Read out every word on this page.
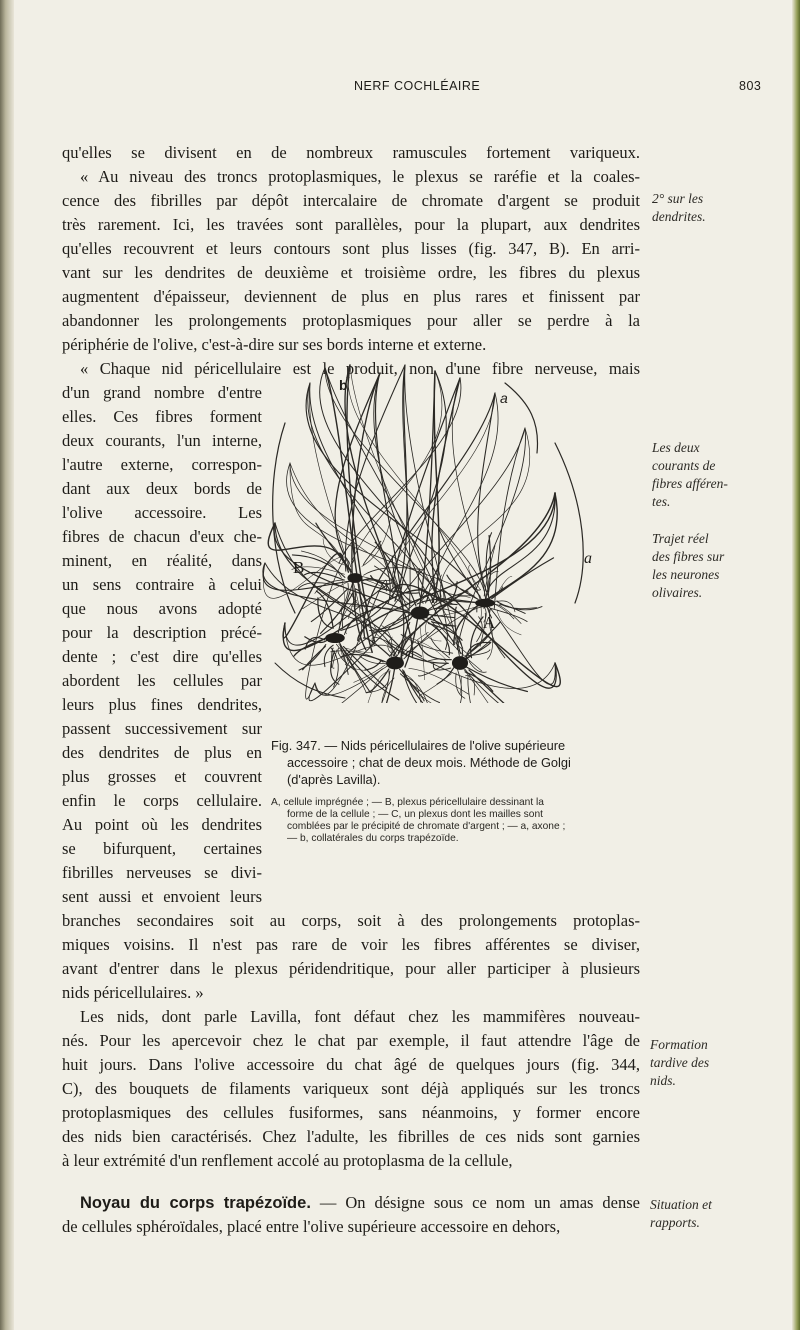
NERF COCHLÉAIRE	803
qu'elles se divisent en de nombreux ramuscules fortement variqueux.
« Au niveau des troncs protoplasmiques, le plexus se raréfie et la coales-
cence des fibrilles par dépôt intercalaire de chromate d'argent se produit
très rarement. Ici, les travées sont parallèles, pour la plupart, aux dendrites
qu'elles recouvrent et leurs contours sont plus lisses (fig. 347, B). En arri-
vant sur les dendrites de deuxième et troisième ordre, les fibres du plexus
augmentent d'épaisseur, deviennent de plus en plus rares et finissent par
abandonner les prolongements protoplasmiques pour aller se perdre à la
périphérie de l'olive, c'est-à-dire sur ses bords interne et externe.
« Chaque nid péricellulaire est le produit, non d'une fibre nerveuse, mais
d'un grand nombre d'entre
elles. Ces fibres forment
deux courants, l'un interne,
l'autre externe, correspon-
dant aux deux bords de
l'olive accessoire. Les
fibres de chacun d'eux che-
minent, en réalité, dans
un sens contraire à celui
que nous avons adopté
pour la description précé-
dente ; c'est dire qu'elles
abordent les cellules par
leurs plus fines dendrites,
passent successivement sur
des dendrites de plus en
plus grosses et couvrent
enfin le corps cellulaire.
Au point où les dendrites
se bifurquent, certaines
fibrilles nerveuses se divi-
sent aussi et envoient leurs
b
a
a
B
A
Fig. 347. — Nids péricellulaires de l'olive supérieure
accessoire ; chat de deux mois. Méthode de Golgi
(d'après Lavilla).
A, cellule imprégnée ; — B, plexus péricellulaire dessinant la
forme de la cellule ; — C, un plexus dont les mailles sont
comblées par le précipité de chromate d'argent ; — a, axone ;
— b, collatérales du corps trapézoïde.
branches secondaires soit au corps, soit à des prolongements protoplas-
miques voisins. Il n'est pas rare de voir les fibres afférentes se diviser,
avant d'entrer dans le plexus péridendritique, pour aller participer à plusieurs
nids péricellulaires. »
Les nids, dont parle Lavilla, font défaut chez les mammifères nouveau-
nés. Pour les apercevoir chez le chat par exemple, il faut attendre l'âge de
huit jours. Dans l'olive accessoire du chat âgé de quelques jours (fig. 344,
C), des bouquets de filaments variqueux sont déjà appliqués sur les troncs
protoplasmiques des cellules fusiformes, sans néanmoins, y former encore
des nids bien caractérisés. Chez l'adulte, les fibrilles de ces nids sont garnies
à leur extrémité d'un renflement accolé au protoplasma de la cellule,
Noyau du corps trapézoïde. — On désigne sous ce nom un amas dense
de cellules sphéroïdales, placé entre l'olive supérieure accessoire en dehors,
2° sur les
dendrites.
Les deux
courants de
fibres afféren-
tes.
Trajet réel
des fibres sur
les neurones
olivaires.
Formation
tardive des
nids.
Situation et
rapports.
